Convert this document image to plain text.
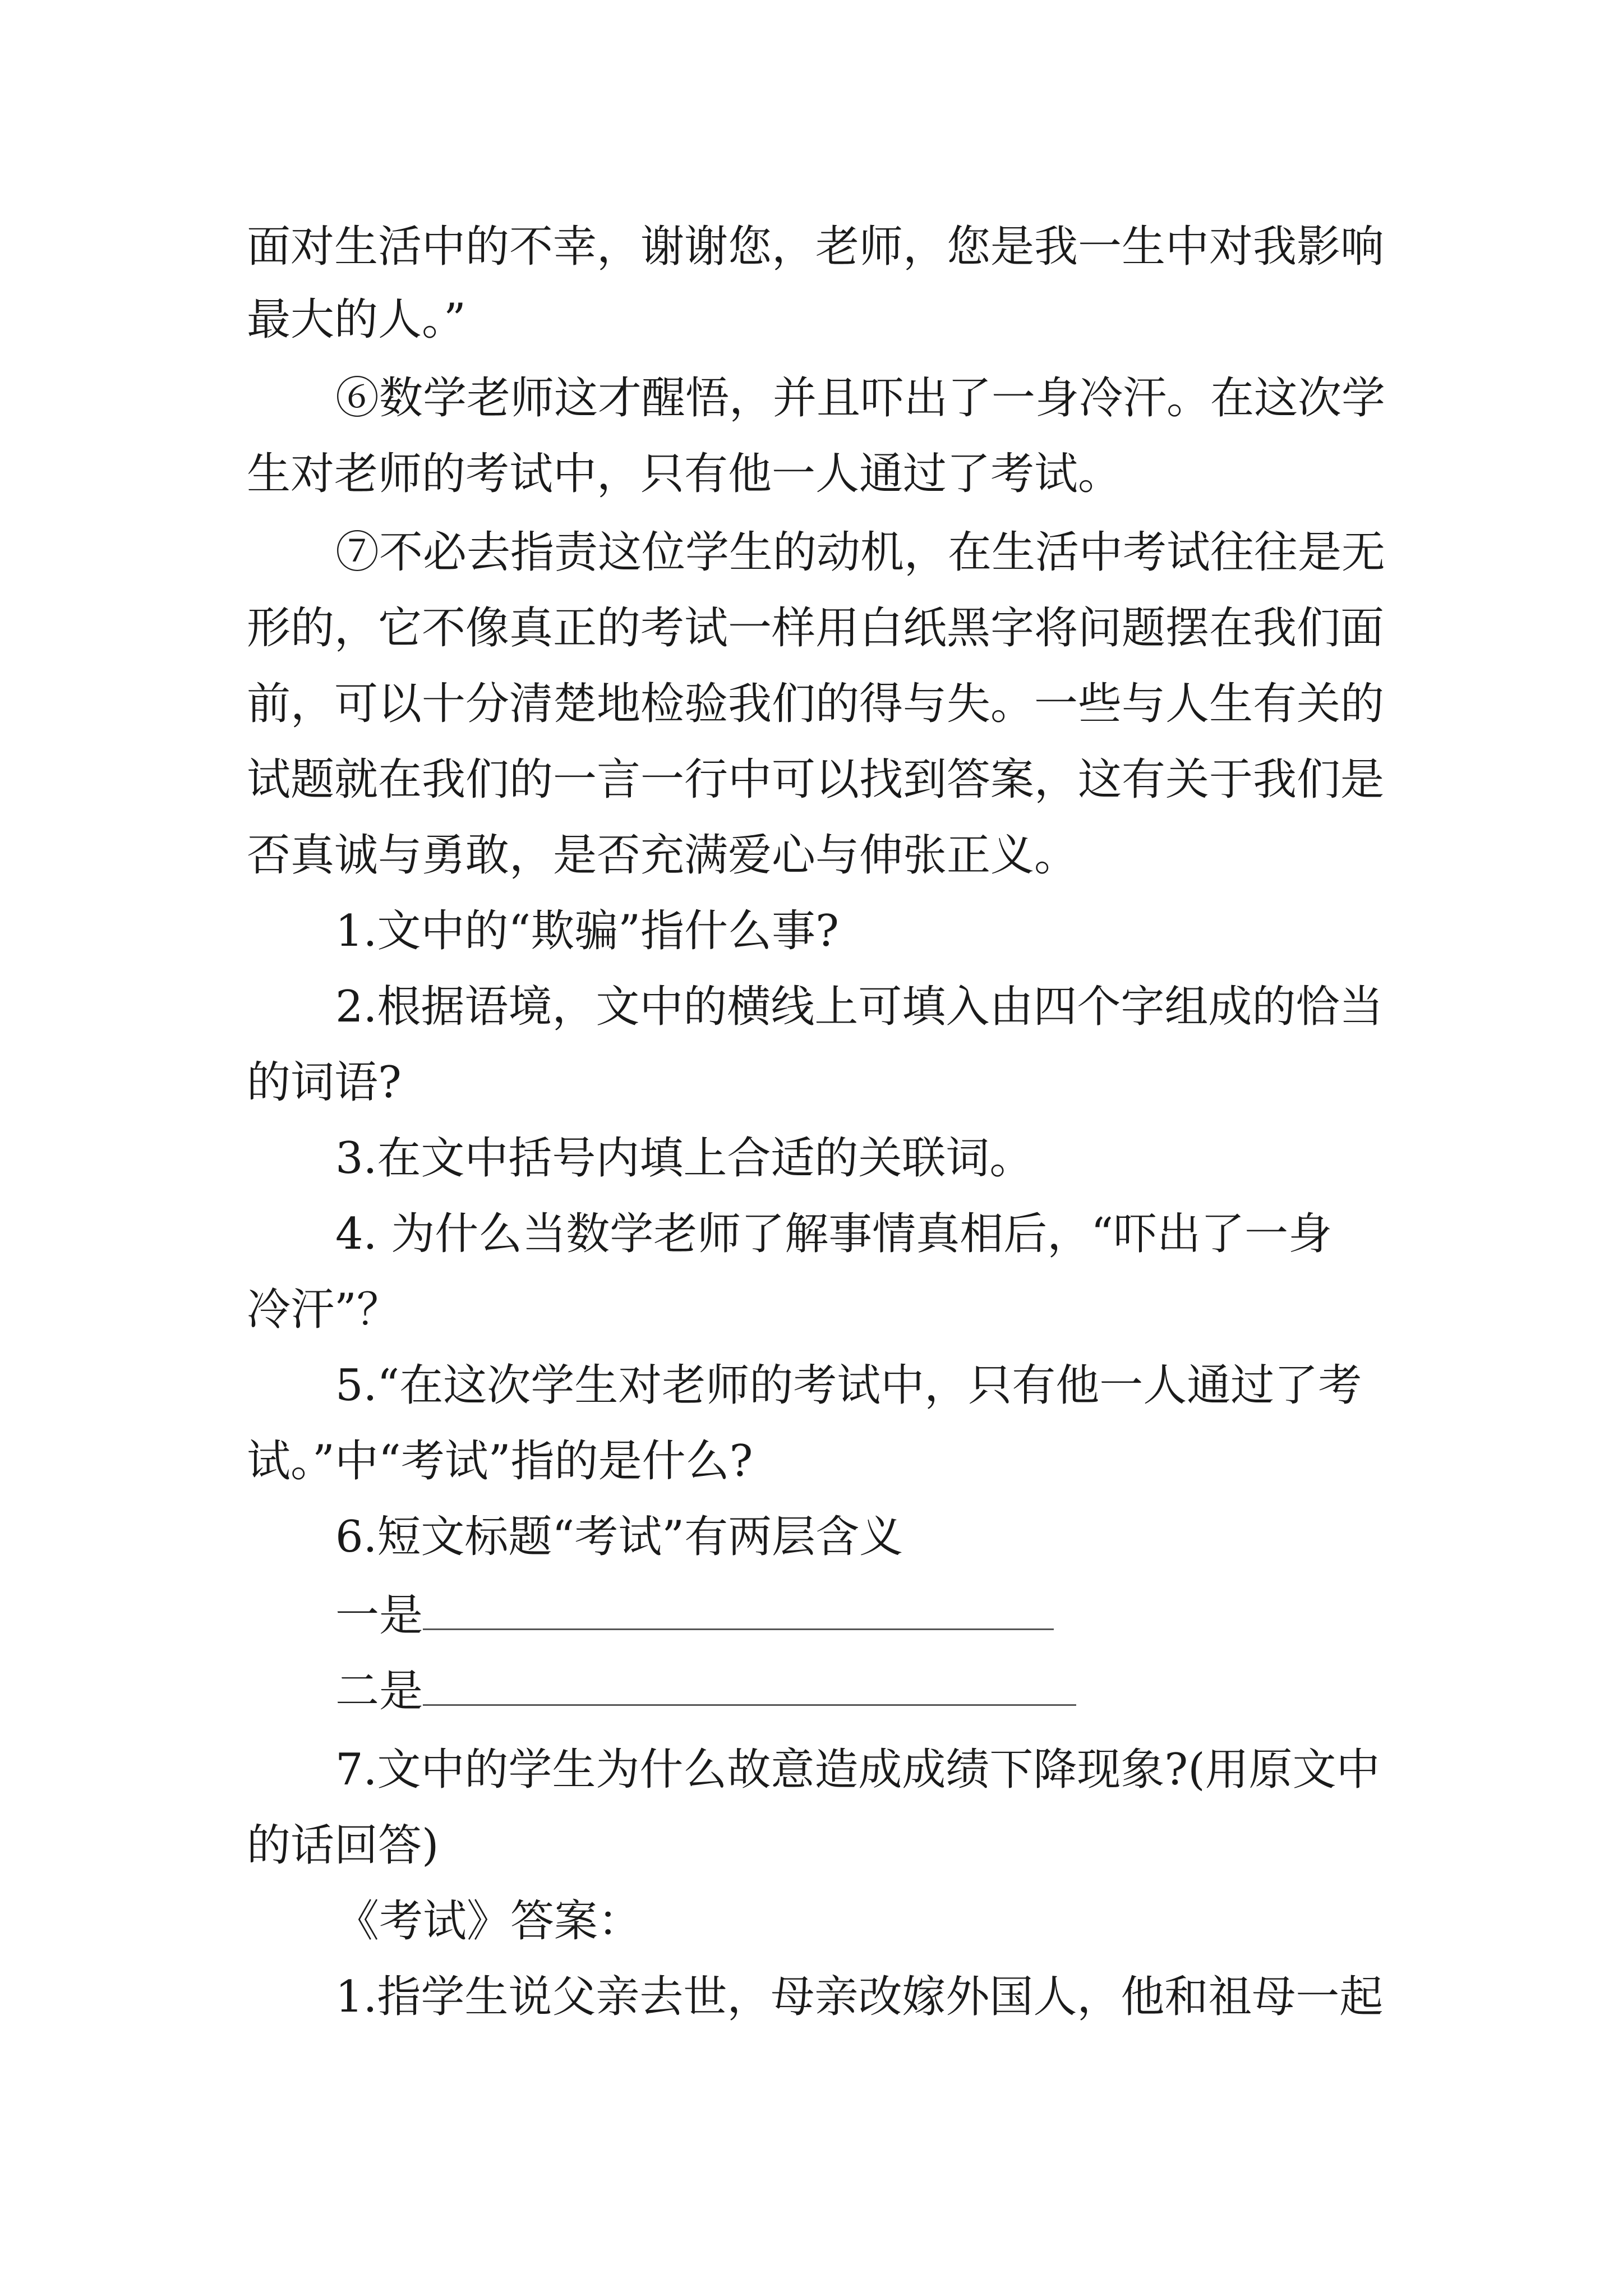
面对生活中的不幸，谢谢您，老师，您是我一生中对我影响
最大的人。”
⑥数学老师这才醒悟，并且吓出了一身冷汗。在这次学
生对老师的考试中，只有他一人通过了考试。
⑦不必去指责这位学生的动机，在生活中考试往往是无
形的，它不像真正的考试一样用白纸黑字将问题摆在我们面
前，可以十分清楚地检验我们的得与失。一些与人生有关的
试题就在我们的一言一行中可以找到答案，这有关于我们是
否真诚与勇敢，是否充满爱心与伸张正义。
1.文中的“欺骗”指什么事?
2.根据语境，文中的横线上可填入由四个字组成的恰当
的词语?
3.在文中括号内填上合适的关联词。
4. 为什么当数学老师了解事情真相后，“吓出了一身
冷汗”？
5.“在这次学生对老师的考试中，只有他一人通过了考
试。”中“考试”指的是什么?
6.短文标题“考试”有两层含义
一是
二是
7.文中的学生为什么故意造成成绩下降现象?(用原文中
的话回答)
《考试》答案：
1.指学生说父亲去世，母亲改嫁外国人，他和祖母一起
